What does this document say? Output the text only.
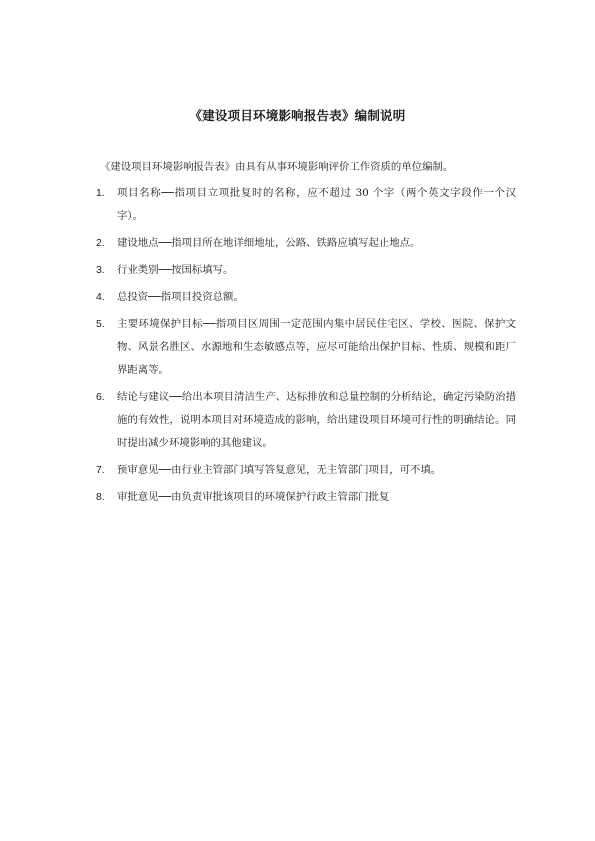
《建设项目环境影响报告表》编制说明
《建设项目环境影响报告表》由具有从事环境影响评价工作资质的单位编制。
1. 项目名称──指项目立项批复时的名称，应不超过 30 个字（两个英文字段作一个汉字）。
2. 建设地点──指项目所在地详细地址，公路、铁路应填写起止地点。
3. 行业类别──按国标填写。
4. 总投资──指项目投资总额。
5. 主要环境保护目标──指项目区周围一定范围内集中居民住宅区、学校、医院、保护文物、风景名胜区、水源地和生态敏感点等，应尽可能给出保护目标、性质、规模和距厂界距离等。
6. 结论与建议──给出本项目清洁生产、达标排放和总量控制的分析结论，确定污染防治措施的有效性，说明本项目对环境造成的影响，给出建设项目环境可行性的明确结论。同时提出减少环境影响的其他建议。
7. 预审意见──由行业主管部门填写答复意见，无主管部门项目，可不填。
8. 审批意见──由负责审批该项目的环境保护行政主管部门批复
